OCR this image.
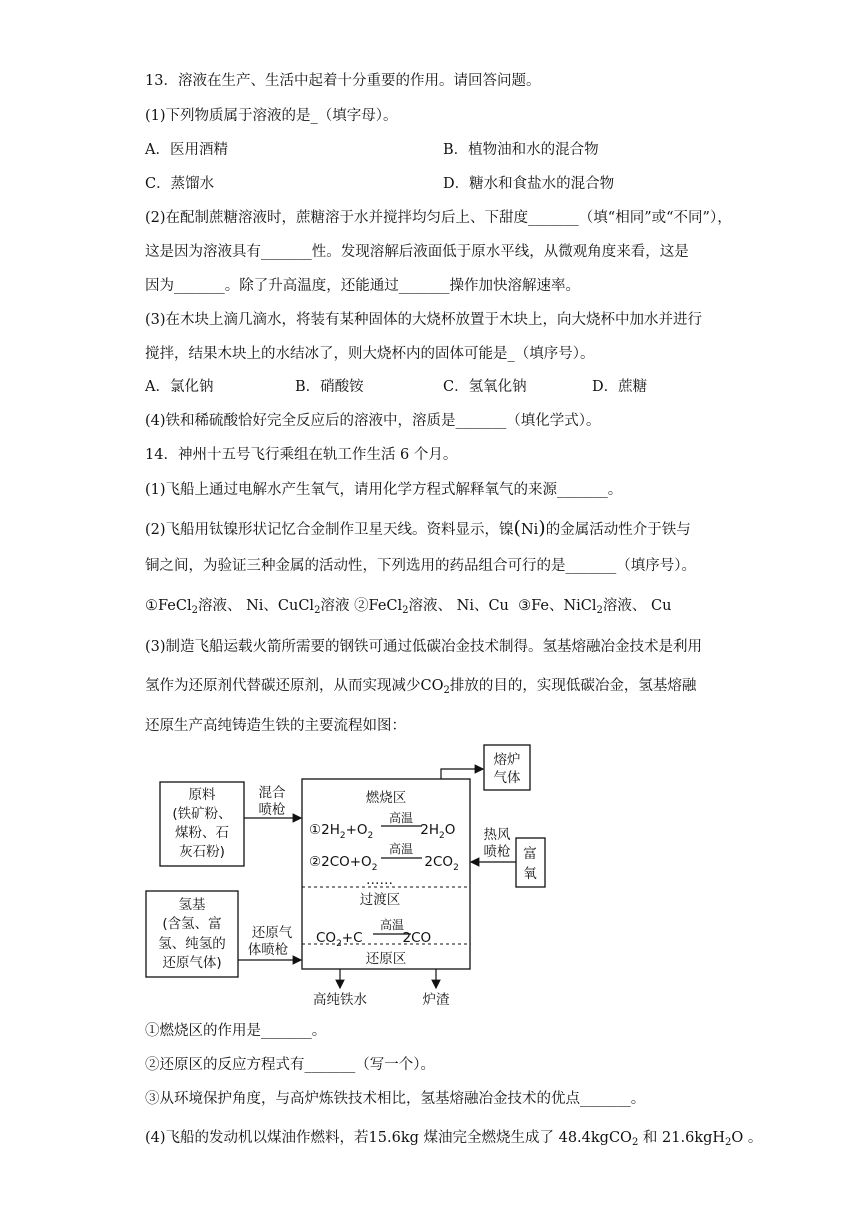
13．溶液在生产、生活中起着十分重要的作用。请回答问题。
(1)下列物质属于溶液的是_（填字母）。
A．医用酒精	B．植物油和水的混合物
C．蒸馏水	D．糖水和食盐水的混合物
(2)在配制蔗糖溶液时，蔗糖溶于水并搅拌均匀后上、下甜度_______（填“相同”或“不同”），
这是因为溶液具有_______性。发现溶解后液面低于原水平线，从微观角度来看，这是
因为_______。除了升高温度，还能通过_______操作加快溶解速率。
(3)在木块上滴几滴水，将装有某种固体的大烧杯放置于木块上，向大烧杯中加水并进行
搅拌，结果木块上的水结冰了，则大烧杯内的固体可能是_（填序号）。
A．氯化钠	B．硝酸铵	C．氢氧化钠	D．蔗糖
(4)铁和稀硫酸恰好完全反应后的溶液中，溶质是_______（填化学式）。
14．神州十五号飞行乘组在轨工作生活 6 个月。
(1)飞船上通过电解水产生氧气，请用化学方程式解释氧气的来源_______。
(2)飞船用钛镍形状记忆合金制作卫星天线。资料显示，镍(Ni)的金属活动性介于铁与
铜之间，为验证三种金属的活动性，下列选用的药品组合可行的是_______（填序号）。
①FeCl$_2$溶液、 Ni、CuCl$_2$溶液 ②FeCl$_2$溶液、 Ni、Cu ③Fe、NiCl$_2$溶液、 Cu
(3)制造飞船运载火箭所需要的钢铁可通过低碳冶金技术制得。氢基熔融冶金技术是利用
氢作为还原剂代替碳还原剂，从而实现减少$CO_2$排放的目的，实现低碳冶金，氢基熔融
还原生产高纯铸造生铁的主要流程如图：
原料
(铁矿粉、
煤粉、石
灰石粉)
混合
喷枪
燃烧区
高温
$①2H_2+O_2$	$2H_2O$
高温
$②2CO+O_2$	$2CO_2$
……
过渡区
高温
$CO_2+C$	2CO
还原区
氢基
(含氢、富
氢、纯氢的
还原气体)
还原气
体喷枪
熔炉
气体
热风
喷枪 富
氧
高纯铁水	炉渣
①燃烧区的作用是_______。
②还原区的反应方程式有_______（写一个）。
③从环境保护角度，与高炉炼铁技术相比，氢基熔融冶金技术的优点_______。
(4)飞船的发动机以煤油作燃料，若15.6kg 煤油完全燃烧生成了 48.4kgCO$_2$ 和 21.6kgH$_2$O 。
